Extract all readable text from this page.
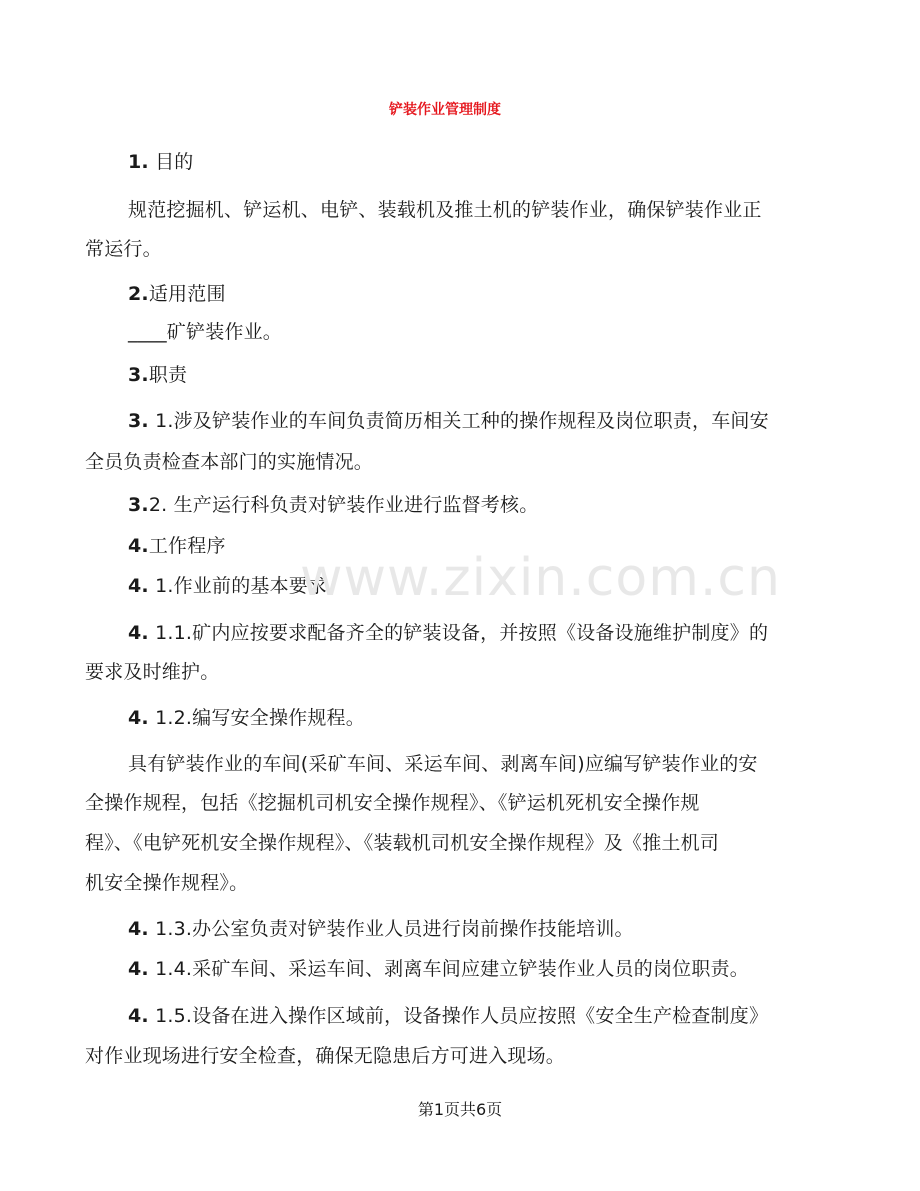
铲装作业管理制度
1. 目的
规范挖掘机、铲运机、电铲、装载机及推土机的铲装作业，确保铲装作业正
常运行。
2.适用范围
____矿铲装作业。
3.职责
3. 1.涉及铲装作业的车间负责简历相关工种的操作规程及岗位职责，车间安
全员负责检查本部门的实施情况。
3.2. 生产运行科负责对铲装作业进行监督考核。
4.工作程序
4. 1.作业前的基本要求
4. 1.1.矿内应按要求配备齐全的铲装设备，并按照《设备设施维护制度》的
要求及时维护。
4. 1.2.编写安全操作规程。
具有铲装作业的车间(采矿车间、采运车间、剥离车间)应编写铲装作业的安
全操作规程，包括《挖掘机司机安全操作规程》、《铲运机死机安全操作规
程》、《电铲死机安全操作规程》、《装载机司机安全操作规程》及《推土机司
机安全操作规程》。
4. 1.3.办公室负责对铲装作业人员进行岗前操作技能培训。
4. 1.4.采矿车间、采运车间、剥离车间应建立铲装作业人员的岗位职责。
4. 1.5.设备在进入操作区域前，设备操作人员应按照《安全生产检查制度》
对作业现场进行安全检查，确保无隐患后方可进入现场。
www.zixin.com.cn
第1页共6页
